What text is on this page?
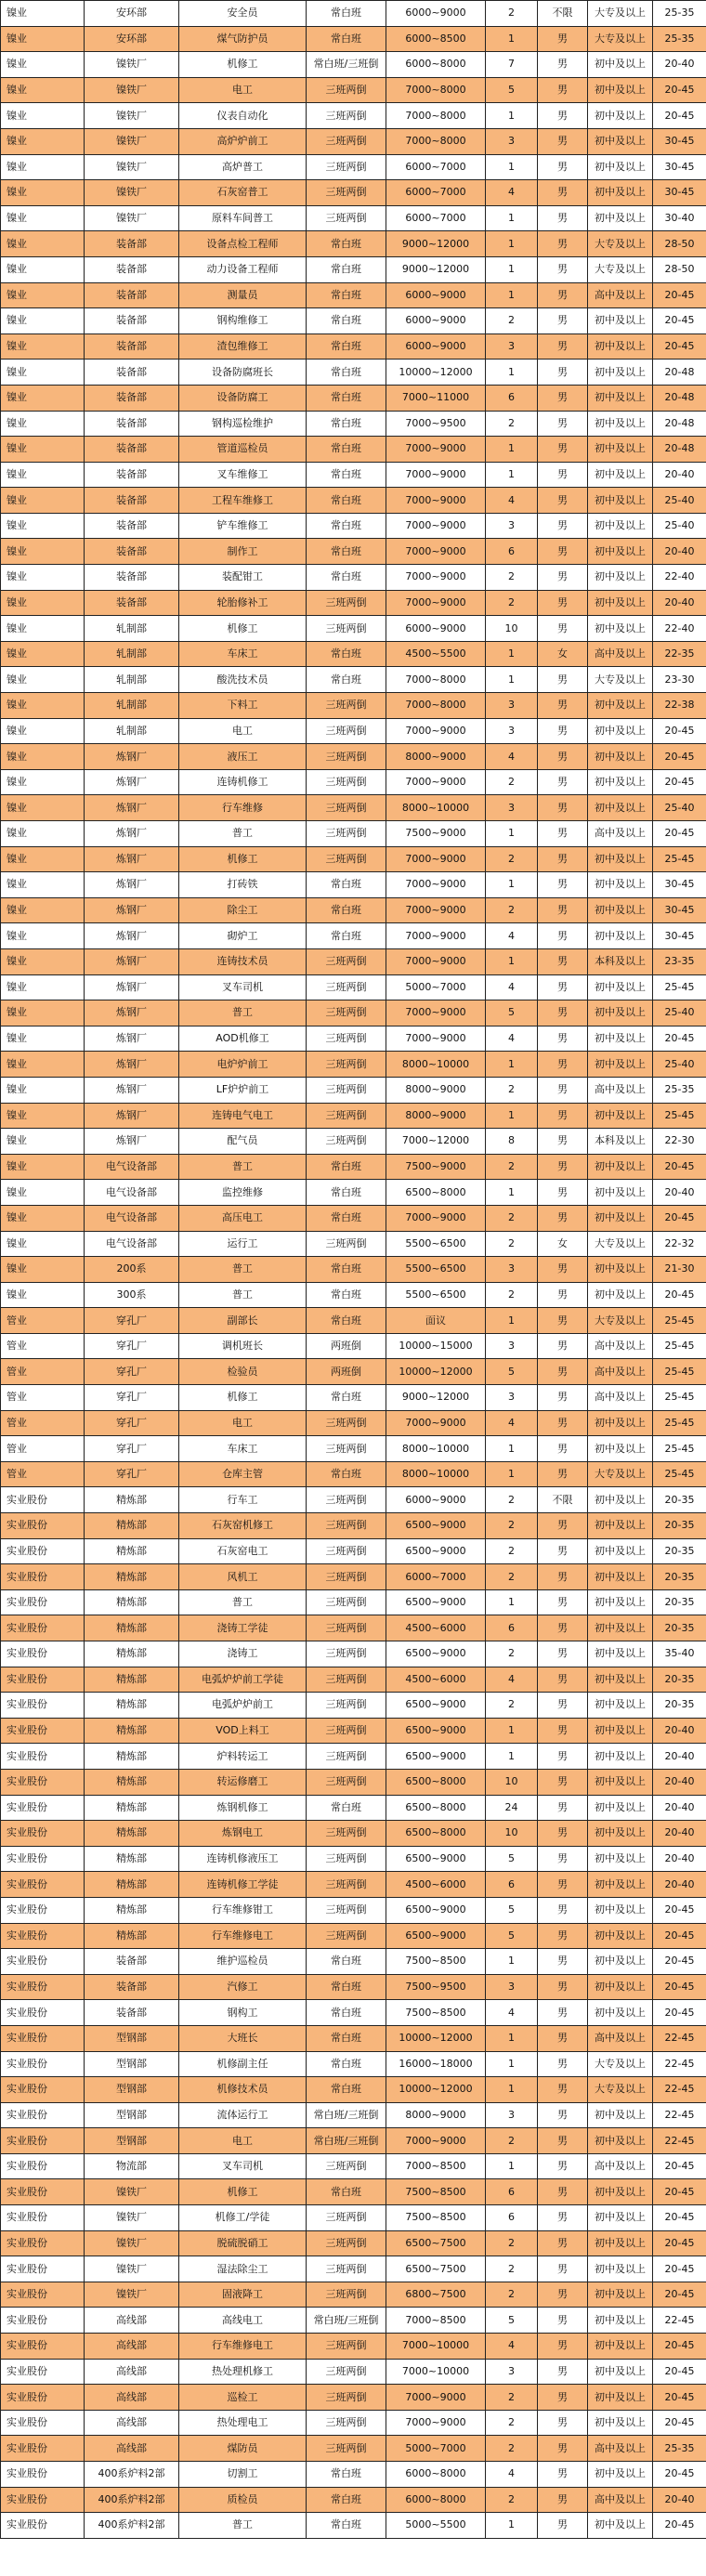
镍业	安环部	安全员	常白班	6000~9000	2	不限	大专及以上	25-35
镍业	安环部	煤气防护员	常白班	6000~8500	1	男	大专及以上	25-35
镍业	镍铁厂	机修工	常白班/三班倒	6000~8000	7	男	初中及以上	20-40
镍业	镍铁厂	电工	三班两倒	7000~8000	5	男	初中及以上	20-45
镍业	镍铁厂	仪表自动化	三班两倒	7000~8000	1	男	初中及以上	20-45
镍业	镍铁厂	高炉炉前工	三班两倒	7000~8000	3	男	初中及以上	30-45
镍业	镍铁厂	高炉普工	三班两倒	6000~7000	1	男	初中及以上	30-45
镍业	镍铁厂	石灰窑普工	三班两倒	6000~7000	4	男	初中及以上	30-45
镍业	镍铁厂	原料车间普工	三班两倒	6000~7000	1	男	初中及以上	30-40
镍业	装备部	设备点检工程师	常白班	9000~12000	1	男	大专及以上	28-50
镍业	装备部	动力设备工程师	常白班	9000~12000	1	男	大专及以上	28-50
镍业	装备部	测量员	常白班	6000~9000	1	男	高中及以上	20-45
镍业	装备部	钢构维修工	常白班	6000~9000	2	男	初中及以上	20-45
镍业	装备部	渣包维修工	常白班	6000~9000	3	男	初中及以上	20-45
镍业	装备部	设备防腐班长	常白班	10000~12000	1	男	初中及以上	20-48
镍业	装备部	设备防腐工	常白班	7000~11000	6	男	初中及以上	20-48
镍业	装备部	钢构巡检维护	常白班	7000~9500	2	男	初中及以上	20-48
镍业	装备部	管道巡检员	常白班	7000~9000	1	男	初中及以上	20-48
镍业	装备部	叉车维修工	常白班	7000~9000	1	男	初中及以上	20-40
镍业	装备部	工程车维修工	常白班	7000~9000	4	男	初中及以上	25-40
镍业	装备部	铲车维修工	常白班	7000~9000	3	男	初中及以上	25-40
镍业	装备部	制作工	常白班	7000~9000	6	男	初中及以上	20-40
镍业	装备部	装配钳工	常白班	7000~9000	2	男	初中及以上	22-40
镍业	装备部	轮胎修补工	三班两倒	7000~9000	2	男	初中及以上	20-40
镍业	轧制部	机修工	三班两倒	6000~9000	10	男	初中及以上	22-40
镍业	轧制部	车床工	常白班	4500~5500	1	女	高中及以上	22-35
镍业	轧制部	酸洗技术员	常白班	7000~8000	1	男	大专及以上	23-30
镍业	轧制部	下料工	三班两倒	7000~8000	3	男	初中及以上	22-38
镍业	轧制部	电工	三班两倒	7000~9000	3	男	初中及以上	20-45
镍业	炼钢厂	液压工	三班两倒	8000~9000	4	男	初中及以上	20-45
镍业	炼钢厂	连铸机修工	三班两倒	7000~9000	2	男	初中及以上	20-45
镍业	炼钢厂	行车维修	三班两倒	8000~10000	3	男	初中及以上	25-40
镍业	炼钢厂	普工	三班两倒	7500~9000	1	男	高中及以上	20-45
镍业	炼钢厂	机修工	三班两倒	7000~9000	2	男	初中及以上	25-45
镍业	炼钢厂	打砖铁	常白班	7000~9000	1	男	初中及以上	30-45
镍业	炼钢厂	除尘工	常白班	7000~9000	2	男	初中及以上	30-45
镍业	炼钢厂	砌炉工	常白班	7000~9000	4	男	初中及以上	30-45
镍业	炼钢厂	连铸技术员	三班两倒	7000~9000	1	男	本科及以上	23-35
镍业	炼钢厂	叉车司机	三班两倒	5000~7000	4	男	初中及以上	25-45
镍业	炼钢厂	普工	三班两倒	7000~9000	5	男	初中及以上	25-40
镍业	炼钢厂	AOD机修工	三班两倒	7000~9000	4	男	初中及以上	20-45
镍业	炼钢厂	电炉炉前工	三班两倒	8000~10000	1	男	初中及以上	25-40
镍业	炼钢厂	LF炉炉前工	三班两倒	8000~9000	2	男	高中及以上	25-35
镍业	炼钢厂	连铸电气电工	三班两倒	8000~9000	1	男	初中及以上	25-45
镍业	炼钢厂	配气员	三班两倒	7000~12000	8	男	本科及以上	22-30
镍业	电气设备部	普工	常白班	7500~9000	2	男	初中及以上	20-45
镍业	电气设备部	监控维修	常白班	6500~8000	1	男	初中及以上	20-40
镍业	电气设备部	高压电工	常白班	7000~9000	2	男	初中及以上	20-45
镍业	电气设备部	运行工	三班两倒	5500~6500	2	女	大专及以上	22-32
镍业	200系	普工	常白班	5500~6500	3	男	初中及以上	21-30
镍业	300系	普工	常白班	5500~6500	2	男	初中及以上	20-45
管业	穿孔厂	副部长	常白班	面议	1	男	大专及以上	25-45
管业	穿孔厂	调机班长	两班倒	10000~15000	3	男	高中及以上	25-45
管业	穿孔厂	检验员	两班倒	10000~12000	5	男	高中及以上	25-45
管业	穿孔厂	机修工	常白班	9000~12000	3	男	高中及以上	25-45
管业	穿孔厂	电工	三班两倒	7000~9000	4	男	初中及以上	25-45
管业	穿孔厂	车床工	三班两倒	8000~10000	1	男	初中及以上	25-45
管业	穿孔厂	仓库主管	常白班	8000~10000	1	男	大专及以上	25-45
实业股份	精炼部	行车工	三班两倒	6000~9000	2	不限	初中及以上	20-35
实业股份	精炼部	石灰窑机修工	三班两倒	6500~9000	2	男	初中及以上	20-35
实业股份	精炼部	石灰窑电工	三班两倒	6500~9000	2	男	初中及以上	20-35
实业股份	精炼部	风机工	三班两倒	6000~7000	2	男	初中及以上	20-35
实业股份	精炼部	普工	三班两倒	6500~9000	1	男	初中及以上	20-35
实业股份	精炼部	浇铸工学徒	三班两倒	4500~6000	6	男	初中及以上	20-35
实业股份	精炼部	浇铸工	三班两倒	6500~9000	2	男	初中及以上	35-40
实业股份	精炼部	电弧炉炉前工学徒	三班两倒	4500~6000	4	男	初中及以上	20-35
实业股份	精炼部	电弧炉炉前工	三班两倒	6500~9000	2	男	初中及以上	20-35
实业股份	精炼部	VOD上料工	三班两倒	6500~9000	1	男	初中及以上	20-40
实业股份	精炼部	炉料转运工	三班两倒	6500~9000	1	男	初中及以上	20-40
实业股份	精炼部	转运修磨工	三班两倒	6500~8000	10	男	初中及以上	20-40
实业股份	精炼部	炼钢机修工	常白班	6500~8000	24	男	初中及以上	20-40
实业股份	精炼部	炼钢电工	三班两倒	6500~8000	10	男	初中及以上	20-40
实业股份	精炼部	连铸机修液压工	三班两倒	6500~9000	5	男	初中及以上	20-40
实业股份	精炼部	连铸机修工学徒	三班两倒	4500~6000	6	男	初中及以上	20-40
实业股份	精炼部	行车维修钳工	三班两倒	6500~9000	5	男	初中及以上	20-45
实业股份	精炼部	行车维修电工	三班两倒	6500~9000	5	男	初中及以上	20-45
实业股份	装备部	维护巡检员	常白班	7500~8500	1	男	初中及以上	20-45
实业股份	装备部	汽修工	常白班	7500~9500	3	男	初中及以上	20-45
实业股份	装备部	钢构工	常白班	7500~8500	4	男	初中及以上	20-45
实业股份	型钢部	大班长	常白班	10000~12000	1	男	高中及以上	22-45
实业股份	型钢部	机修副主任	常白班	16000~18000	1	男	大专及以上	22-45
实业股份	型钢部	机修技术员	常白班	10000~12000	1	男	大专及以上	22-45
实业股份	型钢部	流体运行工	常白班/三班倒	8000~9000	3	男	初中及以上	22-45
实业股份	型钢部	电工	常白班/三班倒	7000~9000	2	男	初中及以上	22-45
实业股份	物流部	叉车司机	三班两倒	7000~8500	1	男	高中及以上	20-45
实业股份	镍铁厂	机修工	常白班	7500~8500	6	男	初中及以上	20-45
实业股份	镍铁厂	机修工/学徒	三班两倒	7500~8500	6	男	初中及以上	20-45
实业股份	镍铁厂	脱硫脱硝工	三班两倒	6500~7500	2	男	初中及以上	20-45
实业股份	镍铁厂	湿法除尘工	三班两倒	6500~7500	2	男	初中及以上	20-45
实业股份	镍铁厂	固液降工	三班两倒	6800~7500	2	男	初中及以上	20-45
实业股份	高线部	高线电工	常白班/三班倒	7000~8500	5	男	初中及以上	22-45
实业股份	高线部	行车维修电工	三班两倒	7000~10000	4	男	初中及以上	20-45
实业股份	高线部	热处理机修工	三班两倒	7000~10000	3	男	初中及以上	20-45
实业股份	高线部	巡检工	三班两倒	7000~9000	2	男	初中及以上	20-45
实业股份	高线部	热处理电工	三班两倒	7000~9000	2	男	初中及以上	20-45
实业股份	高线部	煤防员	三班两倒	5000~7000	2	男	高中及以上	25-35
实业股份	400系炉料2部	切割工	常白班	6000~8000	4	男	初中及以上	20-45
实业股份	400系炉料2部	质检员	常白班	6000~8000	2	男	高中及以上	20-40
实业股份	400系炉料2部	普工	常白班	5000~5500	1	男	初中及以上	20-45
